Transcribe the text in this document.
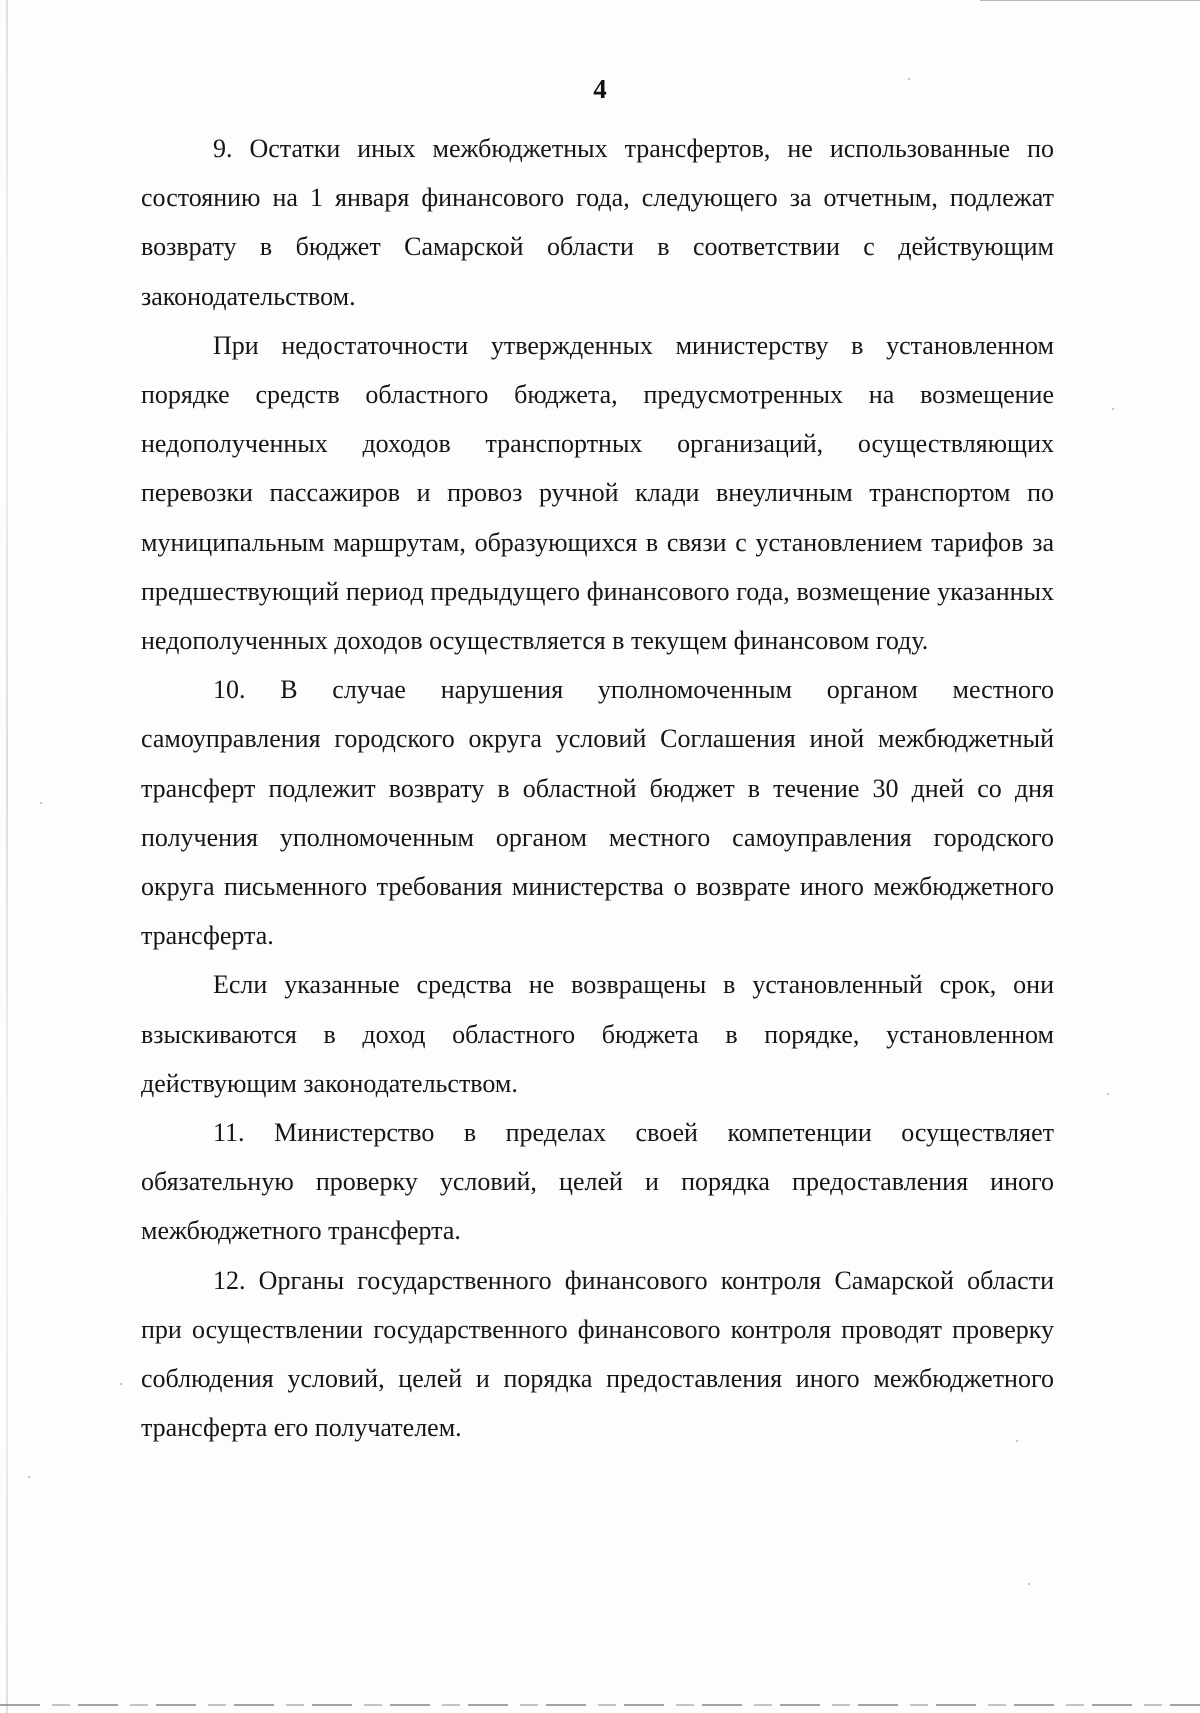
4

9. Остатки иных межбюджетных трансфертов, не использованные по состоянию на 1 января финансового года, следующего за отчетным, подлежат возврату в бюджет Самарской области в соответствии с действующим законодательством.

При недостаточности утвержденных министерству в установленном порядке средств областного бюджета, предусмотренных на возмещение недополученных доходов транспортных организаций, осуществляющих перевозки пассажиров и провоз ручной клади внеуличным транспортом по муниципальным маршрутам, образующихся в связи с установлением тарифов за предшествующий период предыдущего финансового года, возмещение указанных недополученных доходов осуществляется в текущем финансовом году.

10. В случае нарушения уполномоченным органом местного самоуправления городского округа условий Соглашения иной межбюджетный трансферт подлежит возврату в областной бюджет в течение 30 дней со дня получения уполномоченным органом местного самоуправления городского округа письменного требования министерства о возврате иного межбюджетного трансферта.

Если указанные средства не возвращены в установленный срок, они взыскиваются в доход областного бюджета в порядке, установленном действующим законодательством.

11. Министерство в пределах своей компетенции осуществляет обязательную проверку условий, целей и порядка предоставления иного межбюджетного трансферта.

12. Органы государственного финансового контроля Самарской области при осуществлении государственного финансового контроля проводят проверку соблюдения условий, целей и порядка предоставления иного межбюджетного трансферта его получателем.
